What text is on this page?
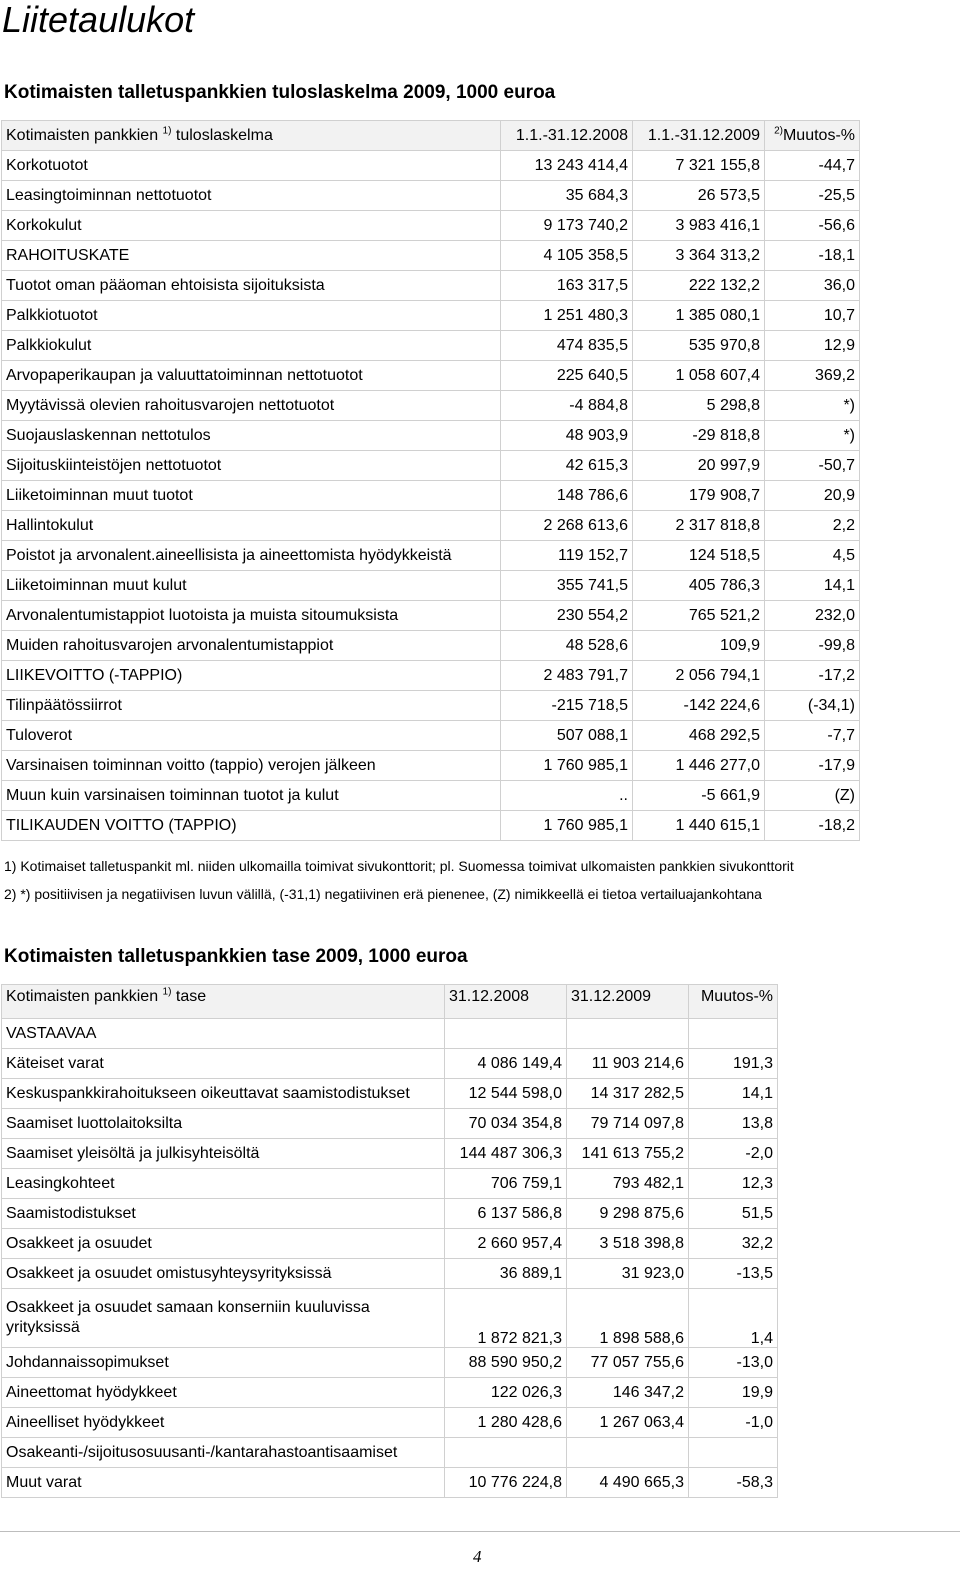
Liitetaulukot
Kotimaisten talletuspankkien tuloslaskelma 2009, 1000 euroa
Kotimaisten pankkien $^{1)}$ tuloslaskelma	1.1.-31.12.2008	1.1.-31.12.2009	$^{2)}$Muutos-%
Korkotuotot	13 243 414,4	7 321 155,8	-44,7
Leasingtoiminnan nettotuotot	35 684,3	26 573,5	-25,5
Korkokulut	9 173 740,2	3 983 416,1	-56,6
RAHOITUSKATE	4 105 358,5	3 364 313,2	-18,1
Tuotot oman pääoman ehtoisista sijoituksista	163 317,5	222 132,2	36,0
Palkkiotuotot	1 251 480,3	1 385 080,1	10,7
Palkkiokulut	474 835,5	535 970,8	12,9
Arvopaperikaupan ja valuuttatoiminnan nettotuotot	225 640,5	1 058 607,4	369,2
Myytävissä olevien rahoitusvarojen nettotuotot	-4 884,8	5 298,8	*)
Suojauslaskennan nettotulos	48 903,9	-29 818,8	*)
Sijoituskiinteistöjen nettotuotot	42 615,3	20 997,9	-50,7
Liiketoiminnan muut tuotot	148 786,6	179 908,7	20,9
Hallintokulut	2 268 613,6	2 317 818,8	2,2
Poistot ja arvonalent.aineellisista ja aineettomista hyödykkeistä	119 152,7	124 518,5	4,5
Liiketoiminnan muut kulut	355 741,5	405 786,3	14,1
Arvonalentumistappiot luotoista ja muista sitoumuksista	230 554,2	765 521,2	232,0
Muiden rahoitusvarojen arvonalentumistappiot	48 528,6	109,9	-99,8
LIIKEVOITTO (-TAPPIO)	2 483 791,7	2 056 794,1	-17,2
Tilinpäätössiirrot	-215 718,5	-142 224,6	(-34,1)
Tuloverot	507 088,1	468 292,5	-7,7
Varsinaisen toiminnan voitto (tappio) verojen jälkeen	1 760 985,1	1 446 277,0	-17,9
Muun kuin varsinaisen toiminnan tuotot ja kulut	..	-5 661,9	(Z)
TILIKAUDEN VOITTO (TAPPIO)	1 760 985,1	1 440 615,1	-18,2
1) Kotimaiset talletuspankit ml. niiden ulkomailla toimivat sivukonttorit; pl. Suomessa toimivat ulkomaisten pankkien sivukonttorit
2) *) positiivisen ja negatiivisen luvun välillä, (-31,1) negatiivinen erä pienenee, (Z) nimikkeellä ei tietoa vertailuajankohtana
Kotimaisten talletuspankkien tase 2009, 1000 euroa
Kotimaisten pankkien $^{1)}$ tase	31.12.2008	31.12.2009	Muutos-%
VASTAAVAA			
Käteiset varat	4 086 149,4	11 903 214,6	191,3
Keskuspankkirahoitukseen oikeuttavat saamistodistukset	12 544 598,0	14 317 282,5	14,1
Saamiset luottolaitoksilta	70 034 354,8	79 714 097,8	13,8
Saamiset yleisöltä ja julkisyhteisöltä	144 487 306,3	141 613 755,2	-2,0
Leasingkohteet	706 759,1	793 482,1	12,3
Saamistodistukset	6 137 586,8	9 298 875,6	51,5
Osakkeet ja osuudet	2 660 957,4	3 518 398,8	32,2
Osakkeet ja osuudet omistusyhteysyrityksissä	36 889,1	31 923,0	-13,5
Osakkeet ja osuudet samaan konserniin kuuluvissa yrityksissä	1 872 821,3	1 898 588,6	1,4
Johdannaissopimukset	88 590 950,2	77 057 755,6	-13,0
Aineettomat hyödykkeet	122 026,3	146 347,2	19,9
Aineelliset hyödykkeet	1 280 428,6	1 267 063,4	-1,0
Osakeanti-/sijoitusosuusanti-/kantarahastoantisaamiset			
Muut varat	10 776 224,8	4 490 665,3	-58,3
4
